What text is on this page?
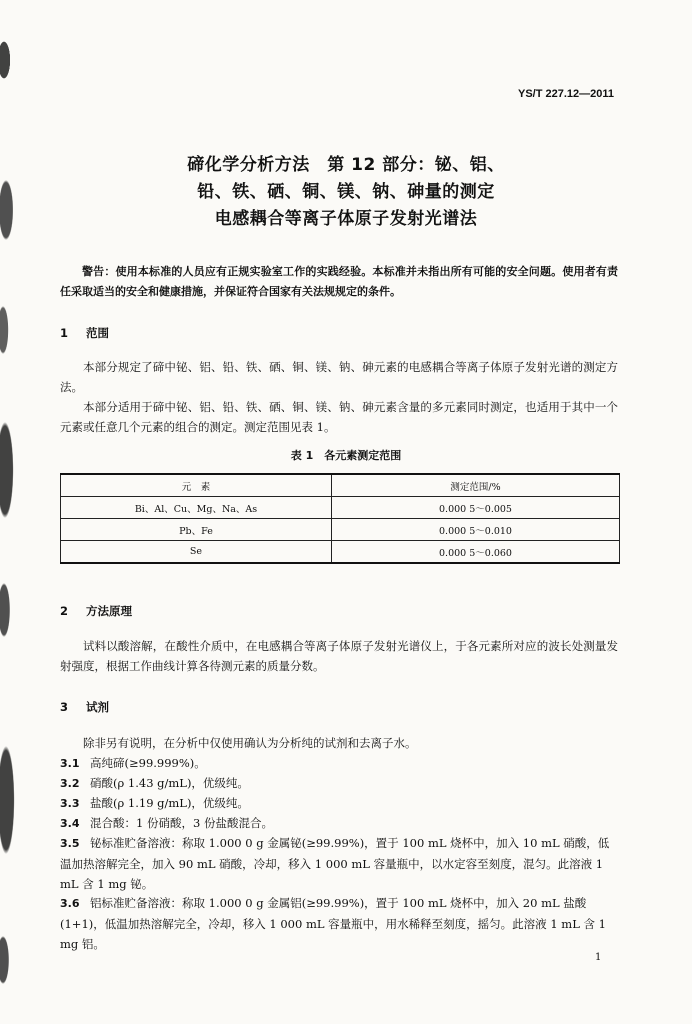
YS/T 227.12—2011
碲化学分析方法　第 12 部分：铋、铝、
铅、铁、硒、铜、镁、钠、砷量的测定
电感耦合等离子体原子发射光谱法
警告：使用本标准的人员应有正规实验室工作的实践经验。本标准并未指出所有可能的安全问题。使用者有责任采取适当的安全和健康措施，并保证符合国家有关法规规定的条件。
1 范围
本部分规定了碲中铋、铝、铅、铁、硒、铜、镁、钠、砷元素的电感耦合等离子体原子发射光谱的测定方法。
本部分适用于碲中铋、铝、铅、铁、硒、铜、镁、钠、砷元素含量的多元素同时测定，也适用于其中一个元素或任意几个元素的组合的测定。测定范围见表 1。
表 1　各元素测定范围
元　素	测定范围/%
Bi、Al、Cu、Mg、Na、As	0.000 5～0.005
Pb、Fe	0.000 5～0.010
Se	0.000 5～0.060
2 方法原理
试料以酸溶解，在酸性介质中，在电感耦合等离子体原子发射光谱仪上，于各元素所对应的波长处测量发射强度，根据工作曲线计算各待测元素的质量分数。
3 试剂
除非另有说明，在分析中仅使用确认为分析纯的试剂和去离子水。
3.1 高纯碲(≥99.999%)。
3.2 硝酸(ρ 1.43 g/mL)，优级纯。
3.3 盐酸(ρ 1.19 g/mL)，优级纯。
3.4 混合酸：1 份硝酸，3 份盐酸混合。
3.5 铋标准贮备溶液：称取 1.000 0 g 金属铋(≥99.99%)，置于 100 mL 烧杯中，加入 10 mL 硝酸，低温加热溶解完全，加入 90 mL 硝酸，冷却，移入 1 000 mL 容量瓶中，以水定容至刻度，混匀。此溶液 1 mL 含 1 mg 铋。
3.6 铝标准贮备溶液：称取 1.000 0 g 金属铝(≥99.99%)，置于 100 mL 烧杯中，加入 20 mL 盐酸(1+1)，低温加热溶解完全，冷却，移入 1 000 mL 容量瓶中，用水稀释至刻度，摇匀。此溶液 1 mL 含 1 mg 铝。
1
